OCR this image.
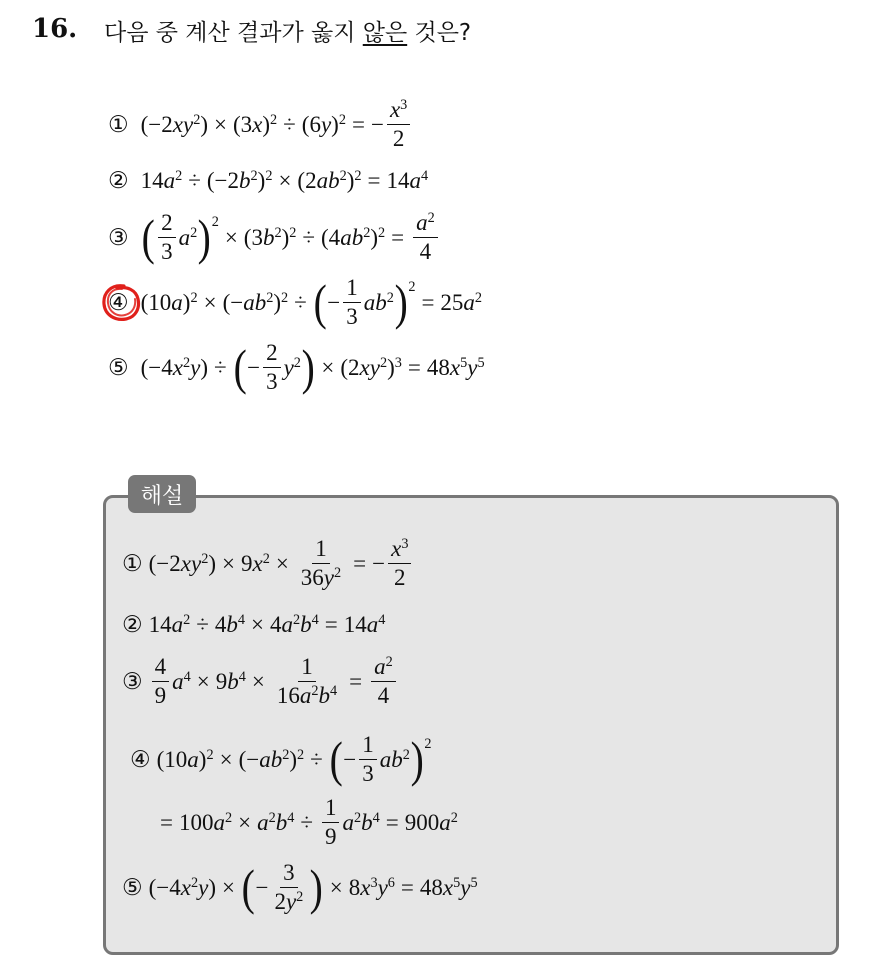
16. 다음 중 계산 결과가 옳지 않은 것은?
① $(-2xy^2) \times (3x)^2 \div (6y)^2$ = − $\frac{x^3}{2}$
② $14a^2 \div (-2b^2)^2 \times (2ab^2)^2 = 14a^4$
③ ( $\frac{2}{3} a^2$ ) 2
× $(3b^2)^2 \div (4ab^2)^2 = \frac{a^2}{4}$
④ $(10a)^2 \times (-ab^2)^2$ ÷ ( − $\frac{1}{3} ab^2$ ) 2
= $25a^2$
⑤ $(-4x^2y)$ ÷ ( − $\frac{2}{3} y^2$ ) × $(2xy^2)^3 = 48x^5y^5$
해설
① $(-2xy^2) \times 9x^2 \times \frac{1}{36y^2}$ = − $\frac{x^3}{2}$
② $14a^2 \div 4b^4 \times 4a^2b^4 = 14a^4$
③ $\frac{4}{9} a^4 \times 9b^4 \times \frac{1}{16a^2b^4} = \frac{a^2}{4}$
④ $(10a)^2 \times (-ab^2)^2$ ÷ ( − $\frac{1}{3} ab^2$ ) 2
= $100a^2 \times a^2b^4 \div \frac{1}{9} a^2b^4 = 900a^2$
⑤ $(-4x^2y)$ × ( − $\frac{3}{2y^2}$ ) × $8x^3y^6 = 48x^5y^5$
